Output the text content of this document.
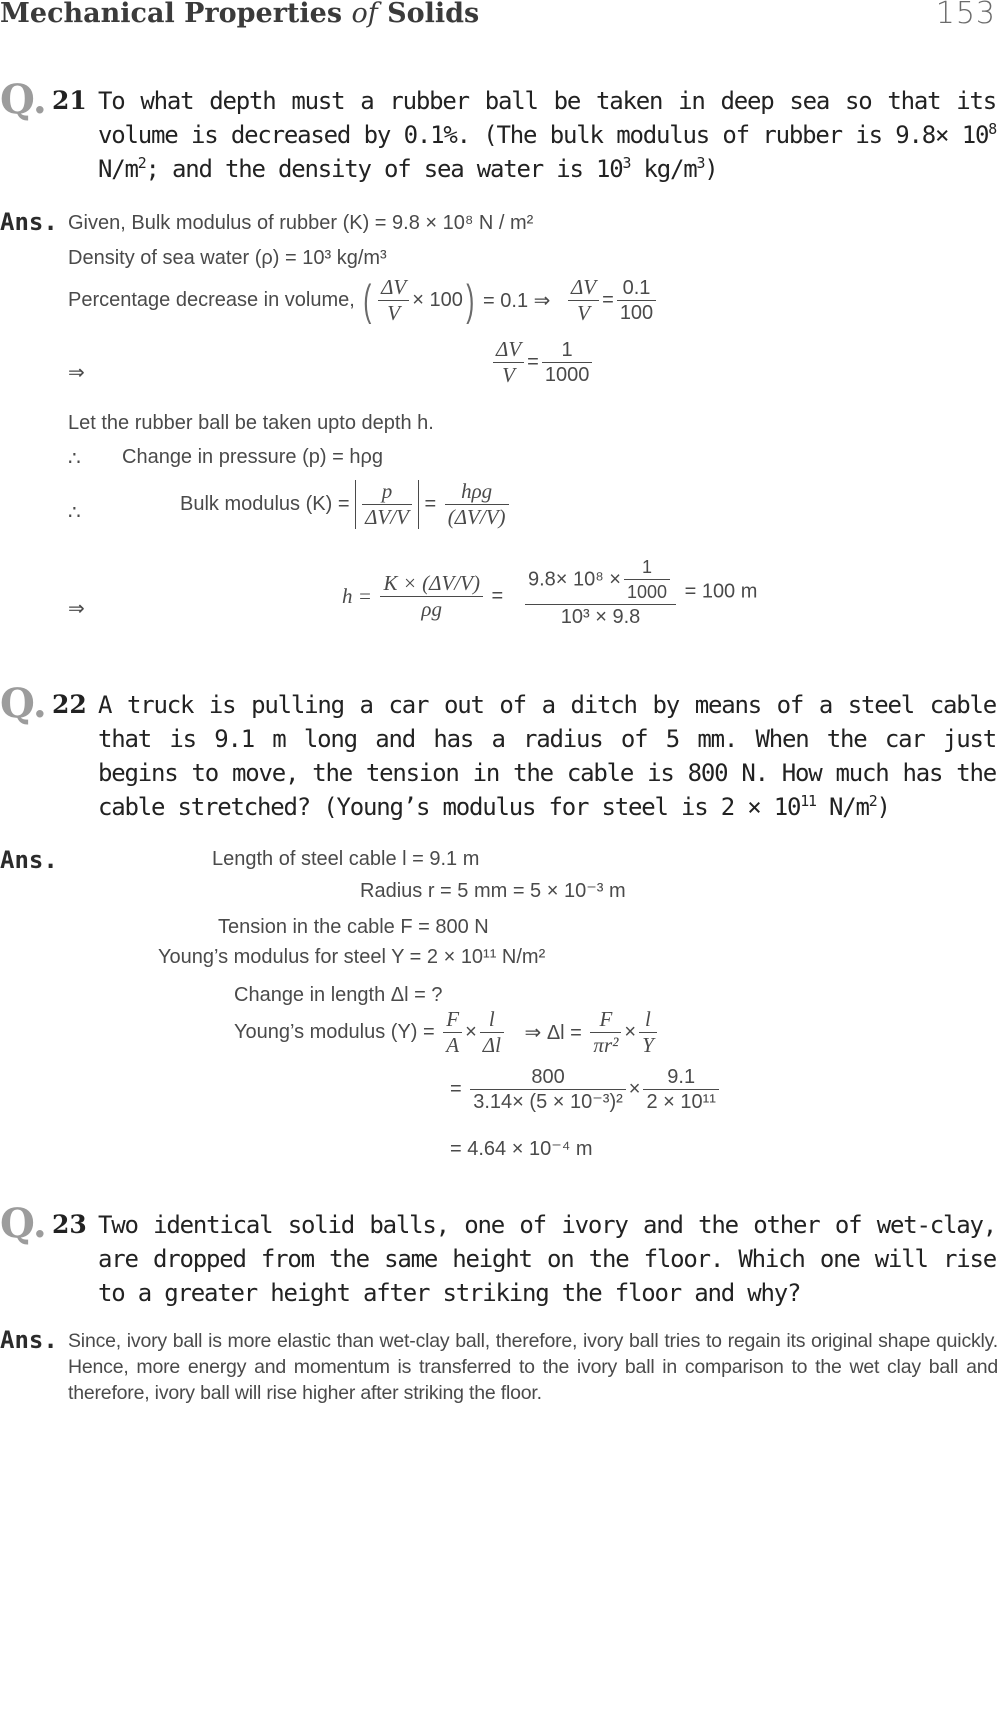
Mechanical Properties of Solids	153
Q. 21 To what depth must a rubber ball be taken in deep sea so that its volume is decreased by 0.1%. (The bulk modulus of rubber is $9.8\times 10^8$ $N/m^2$; and the density of sea water is $10^3$ $kg/m^3$)
Ans. Given, Bulk modulus of rubber (K) = 9.8 × 10⁸ N / m²
Density of sea water (ρ) = 10³ kg/m³
Percentage decrease in volume, ( $\frac{\Delta V}{V} \times 100) = 0.1$ ⇒ $\frac{\Delta V}{V} = \frac{0.1}{100}$
⇒	$\frac{\Delta V}{V} = \frac{1}{1000}$
Let the rubber ball be taken upto depth h.
∴ Change in pressure (p) = hρg
∴	Bulk modulus $(K) = \frac{p}{\Delta V/V} = \frac{\text{hρg}}{(\Delta V/V)}$
⇒
$h = \frac{K \times (\Delta V/V)}{\rho g} = \frac{9.8\times 10^8 \times \frac{1}{1000}}{\text{10³ × 9.8}} = 100$ m
Q. 22 A truck is pulling a car out of a ditch by means of a steel cable that is 9.1 m long and has a radius of 5 mm. When the car just begins to move, the tension in the cable is 800 N. How much has the cable stretched? (Young’s modulus for steel is $2 \times 10^{11}$ $N/m^2$)
Ans.	Length of steel cable l = 9.1 m
Radius r = 5 mm = 5 × 10⁻³ m
Tension in the cable F = 800 N
Young’s modulus for steel Y = 2 × 10¹¹ N/m²
Change in length Δl = ?
Young’s modulus $(Y) = \frac{F}{A} \times \frac{l}{\Delta l}$ ⇒ $\Delta l = \frac{F}{\text{πr²}} \times \frac{l}{Y}$
= $\frac{800}{\text{3.14× (5 × 10⁻³)²}} \times \frac{9.1}{\text{2 × 10¹¹}}$
= 4.64 × 10⁻⁴ m
Q. 23 Two identical solid balls, one of ivory and the other of wet-clay, are dropped from the same height on the floor. Which one will rise to a greater height after striking the floor and why?
Ans. Since, ivory ball is more elastic than wet-clay ball, therefore, ivory ball tries to regain its original shape quickly. Hence, more energy and momentum is transferred to the ivory ball in comparison to the wet clay ball and therefore, ivory ball will rise higher after striking the floor.
